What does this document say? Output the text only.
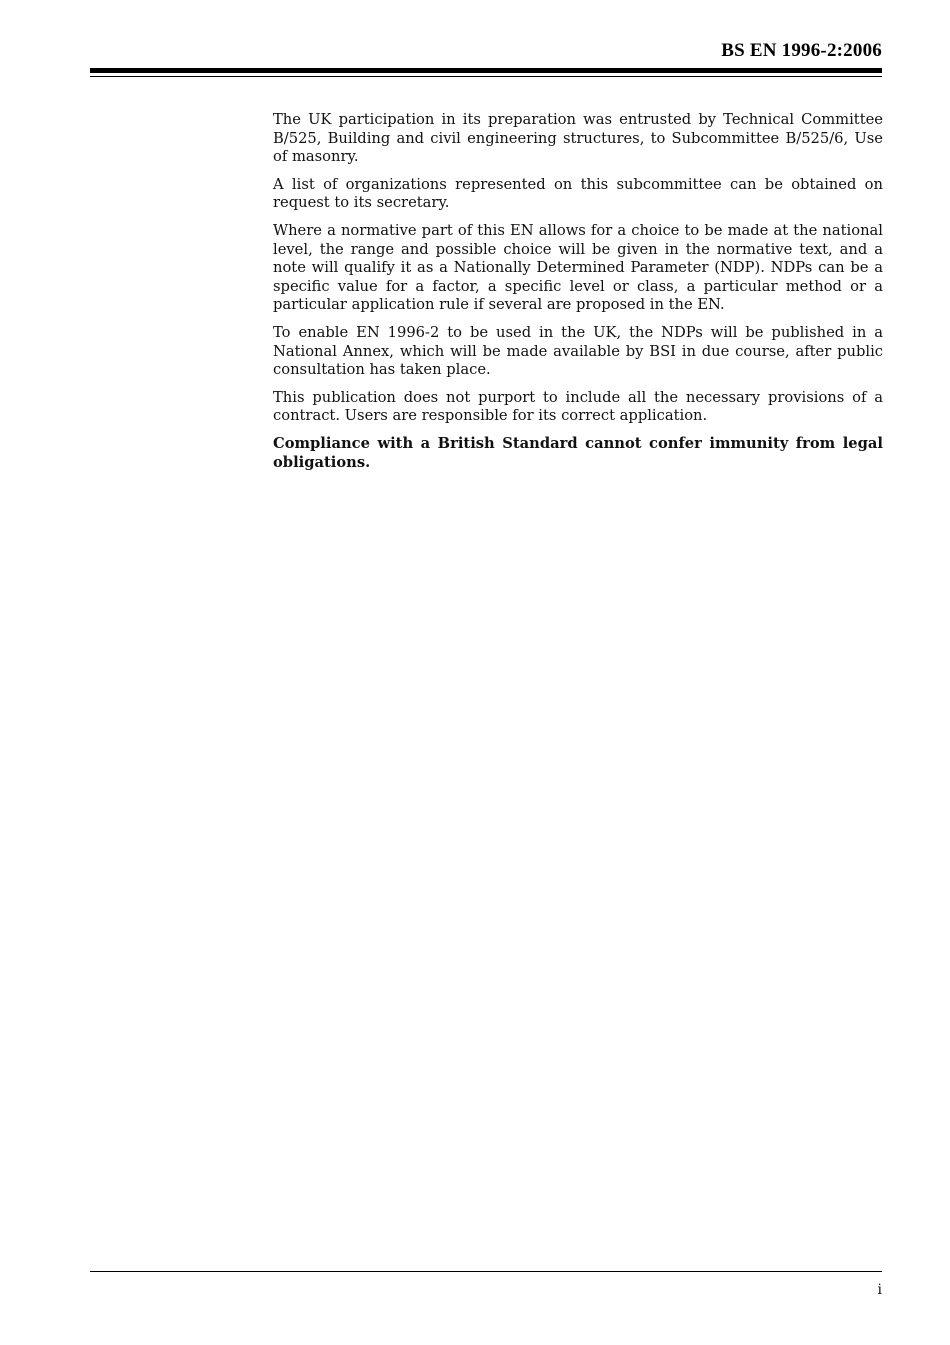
BS EN 1996-2:2006

The UK participation in its preparation was entrusted by Technical Committee B/525, Building and civil engineering structures, to Subcommittee B/525/6, Use of masonry.

A list of organizations represented on this subcommittee can be obtained on request to its secretary.

Where a normative part of this EN allows for a choice to be made at the national level, the range and possible choice will be given in the normative text, and a note will qualify it as a Nationally Determined Parameter (NDP). NDPs can be a specific value for a factor, a specific level or class, a particular method or a particular application rule if several are proposed in the EN.

To enable EN 1996-2 to be used in the UK, the NDPs will be published in a National Annex, which will be made available by BSI in due course, after public consultation has taken place.

This publication does not purport to include all the necessary provisions of a contract. Users are responsible for its correct application.

Compliance with a British Standard cannot confer immunity from legal obligations.

i
